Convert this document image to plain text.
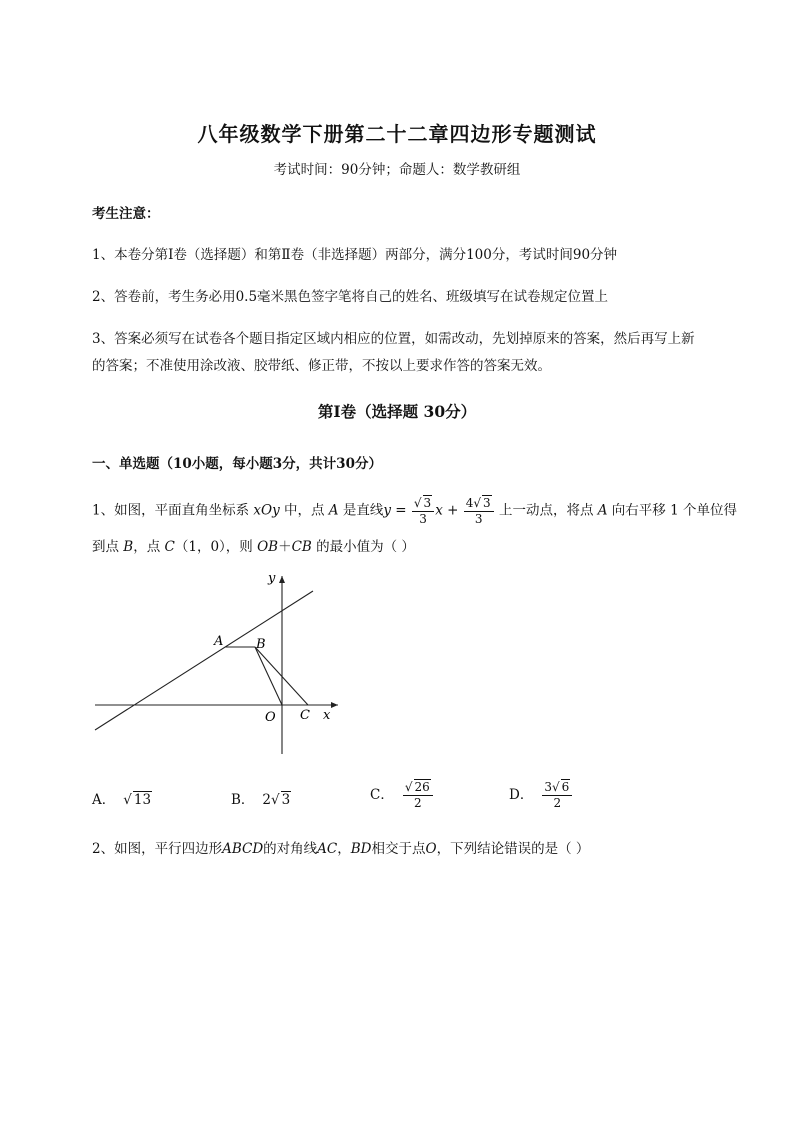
八年级数学下册第二十二章四边形专题测试
考试时间：90分钟；命题人：数学教研组
考生注意：
1、本卷分第Ⅰ卷（选择题）和第Ⅱ卷（非选择题）两部分，满分100分，考试时间90分钟
2、答卷前，考生务必用0.5毫米黑色签字笔将自己的姓名、班级填写在试卷规定位置上
3、答案必须写在试卷各个题目指定区域内相应的位置，如需改动，先划掉原来的答案，然后再写上新
的答案；不准使用涂改液、胶带纸、修正带，不按以上要求作答的答案无效。
第Ⅰ卷（选择题 30分）
一、单选题（10小题，每小题3分，共计30分）
1、如图，平面直角坐标系 xOy 中，点 A 是直线$y = \frac{√ 3}{3}$ $x + \frac{4√ 3}{3}$ 上一动点，将点 A 向右平移 1 个单位得
到点 B，点 C（1，0），则 OB＋CB 的最小值为（ ）
y
x
A	B
O C
A． √ 13	B． 2√ 3	C． $\frac{√ 26}{2}$	D． $\frac{3√ 6}{2}$
2、如图，平行四边形ABCD的对角线AC，BD相交于点O，下列结论错误的是（ ）
